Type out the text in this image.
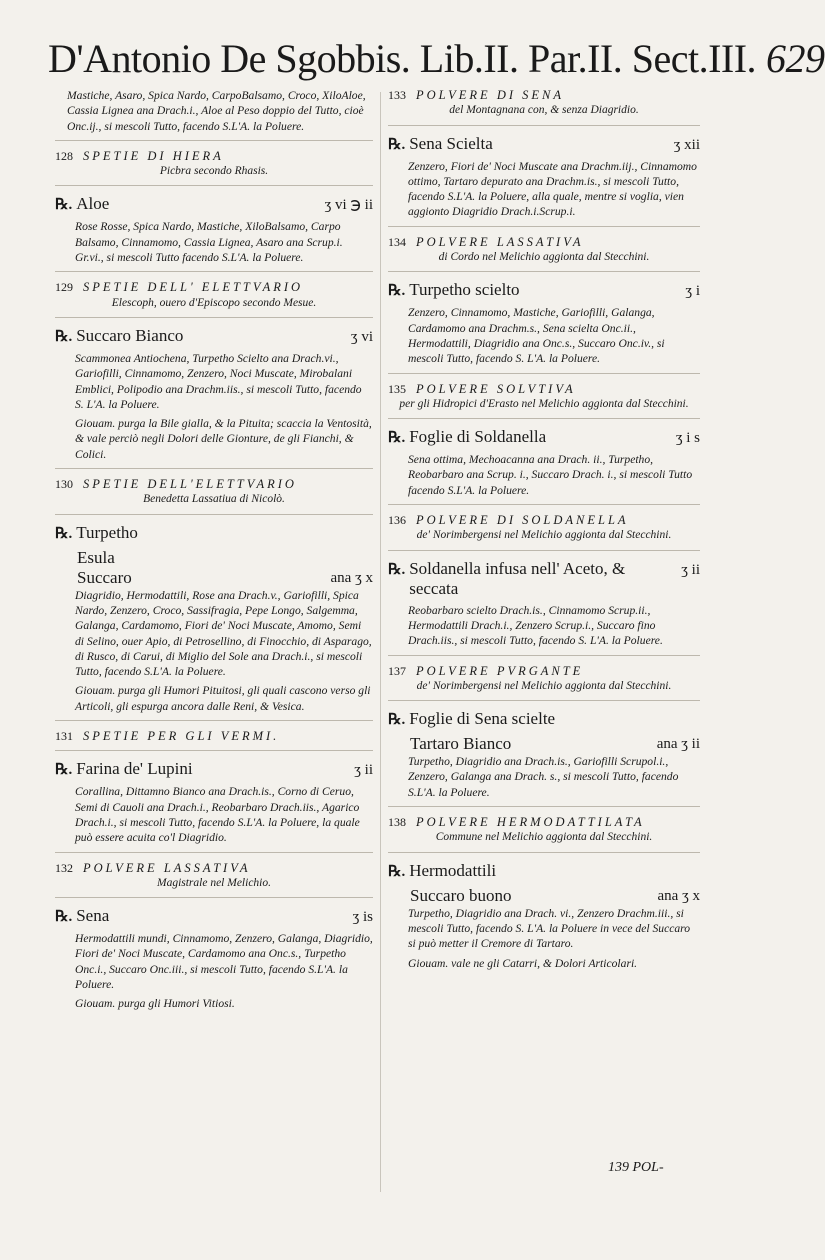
D'Antonio De Sgobbis. Lib.II. Par.II. Sect.III. 629

Mastiche, Asaro, Spica Nardo, CarpoBalsamo, Croco, XiloAloe, Cassia Lignea ana Drach.i., Aloe al Peso doppio del Tutto, cioè Onc.ij., si mescoli Tutto, facendo S.L'A. la Poluere.

128 SPETIE DI HIERA
Picbra secondo Rhasis.
℞. Aloe	ʒ vi ℈ ii

Rose Rosse, Spica Nardo, Mastiche, XiloBalsamo, Carpo Balsamo, Cinnamomo, Cassia Lignea, Asaro ana Scrup.i. Gr.vi., si mescoli Tutto facendo S.L'A. la Poluere.

129 SPETIE DELL' ELETTVARIO
Elescoph, ouero d'Episcopo secondo Mesue.
℞. Succaro Bianco	ʒ vi

Scammonea Antiochena, Turpetho Scielto ana Drach.vi., Gariofilli, Cinnamomo, Zenzero, Noci Muscate, Mirobalani Emblici, Polipodio ana Drachm.iis., si mescoli Tutto, facendo S. L'A. la Poluere.

Giouam. purga la Bile gialla, & la Pituita; scaccia la Ventosità, & vale perciò negli Dolori delle Gionture, de gli Fianchi, & Colici.

130 SPETIE DELL'ELETTVARIO
Benedetta Lassatiua di Nicolò.
℞. Turpetho
Esula
Succaro	ana ʒ x

Diagridio, Hermodattili, Rose ana Drach.v., Gariofilli, Spica Nardo, Zenzero, Croco, Sassifragia, Pepe Longo, Salgemma, Galanga, Cardamomo, Fiori de' Noci Muscate, Amomo, Semi di Selino, ouer Apio, di Petrosellino, di Finocchio, di Asparago, di Rusco, di Carui, di Miglio del Sole ana Drach.i., si mescoli Tutto, facendo S.L'A. la Poluere.

Giouam. purga gli Humori Pituitosi, gli quali cascono verso gli Articoli, gli espurga ancora dalle Reni, & Vesica.

131 SPETIE PER GLI VERMI.
℞. Farina de' Lupini	ʒ ii

Corallina, Dittamno Bianco ana Drach.is., Corno di Ceruo, Semi di Cauoli ana Drach.i., Reobarbaro Drach.iis., Agarico Drach.i., si mescoli Tutto, facendo S.L'A. la Poluere, la quale può essere acuita co'l Diagridio.

132 POLVERE LASSATIVA
Magistrale nel Melichio.
℞. Sena	ʒ is

Hermodattili mundi, Cinnamomo, Zenzero, Galanga, Diagridio, Fiori de' Noci Muscate, Cardamomo ana Onc.s., Turpetho Onc.i., Succaro Onc.iii., si mescoli Tutto, facendo S.L'A. la Poluere.

Giouam. purga gli Humori Vitiosi.

133 POLVERE DI SENA
del Montagnana con, & senza Diagridio.
℞. Sena Scielta	ʒ xii

Zenzero, Fiori de' Noci Muscate ana Drachm.iij., Cinnamomo ottimo, Tartaro depurato ana Drachm.is., si mescoli Tutto, facendo S.L'A. la Poluere, alla quale, mentre si voglia, vien aggionto Diagridio Drach.i.Scrup.i.

134 POLVERE LASSATIVA
di Cordo nel Melichio aggionta dal Stecchini.
℞. Turpetho scielto	ʒ i

Zenzero, Cinnamomo, Mastiche, Gariofilli, Galanga, Cardamomo ana Drachm.s., Sena scielta Onc.ii., Hermodattili, Diagridio ana Onc.s., Succaro Onc.iv., si mescoli Tutto, facendo S. L'A. la Poluere.

135 POLVERE SOLVTIVA
per gli Hidropici d'Erasto nel Melichio aggionta dal Stecchini.
℞. Foglie di Soldanella	ʒ i s

Sena ottima, Mechoacanna ana Drach. ii., Turpetho, Reobarbaro ana Scrup. i., Succaro Drach. i., si mescoli Tutto facendo S.L'A. la Poluere.

136 POLVERE DI SOLDANELLA
de' Norimbergensi nel Melichio aggionta dal Stecchini.
℞. Soldanella infusa nell' Aceto, & seccata
ʒ ii

Reobarbaro scielto Drach.is., Cinnamomo Scrup.ii., Hermodattili Drach.i., Zenzero Scrup.i., Succaro fino Drach.iis., si mescoli Tutto, facendo S. L'A. la Poluere.

137 POLVERE PVRGANTE
de' Norimbergensi nel Melichio aggionta dal Stecchini.
℞. Foglie di Sena scielte
Tartaro Bianco	ana ʒ ii

Turpetho, Diagridio ana Drach.is., Gariofilli Scrupol.i., Zenzero, Galanga ana Drach. s., si mescoli Tutto, facendo S.L'A. la Poluere.

138 POLVERE HERMODATTILATA
Commune nel Melichio aggionta dal Stecchini.
℞. Hermodattili
Succaro buono	ana ʒ x

Turpetho, Diagridio ana Drach. vi., Zenzero Drachm.iii., si mescoli Tutto, facendo S. L'A. la Poluere in vece del Succaro si può metter il Cremore di Tartaro.

Giouam. vale ne gli Catarri, & Dolori Articolari.

139 POL-
